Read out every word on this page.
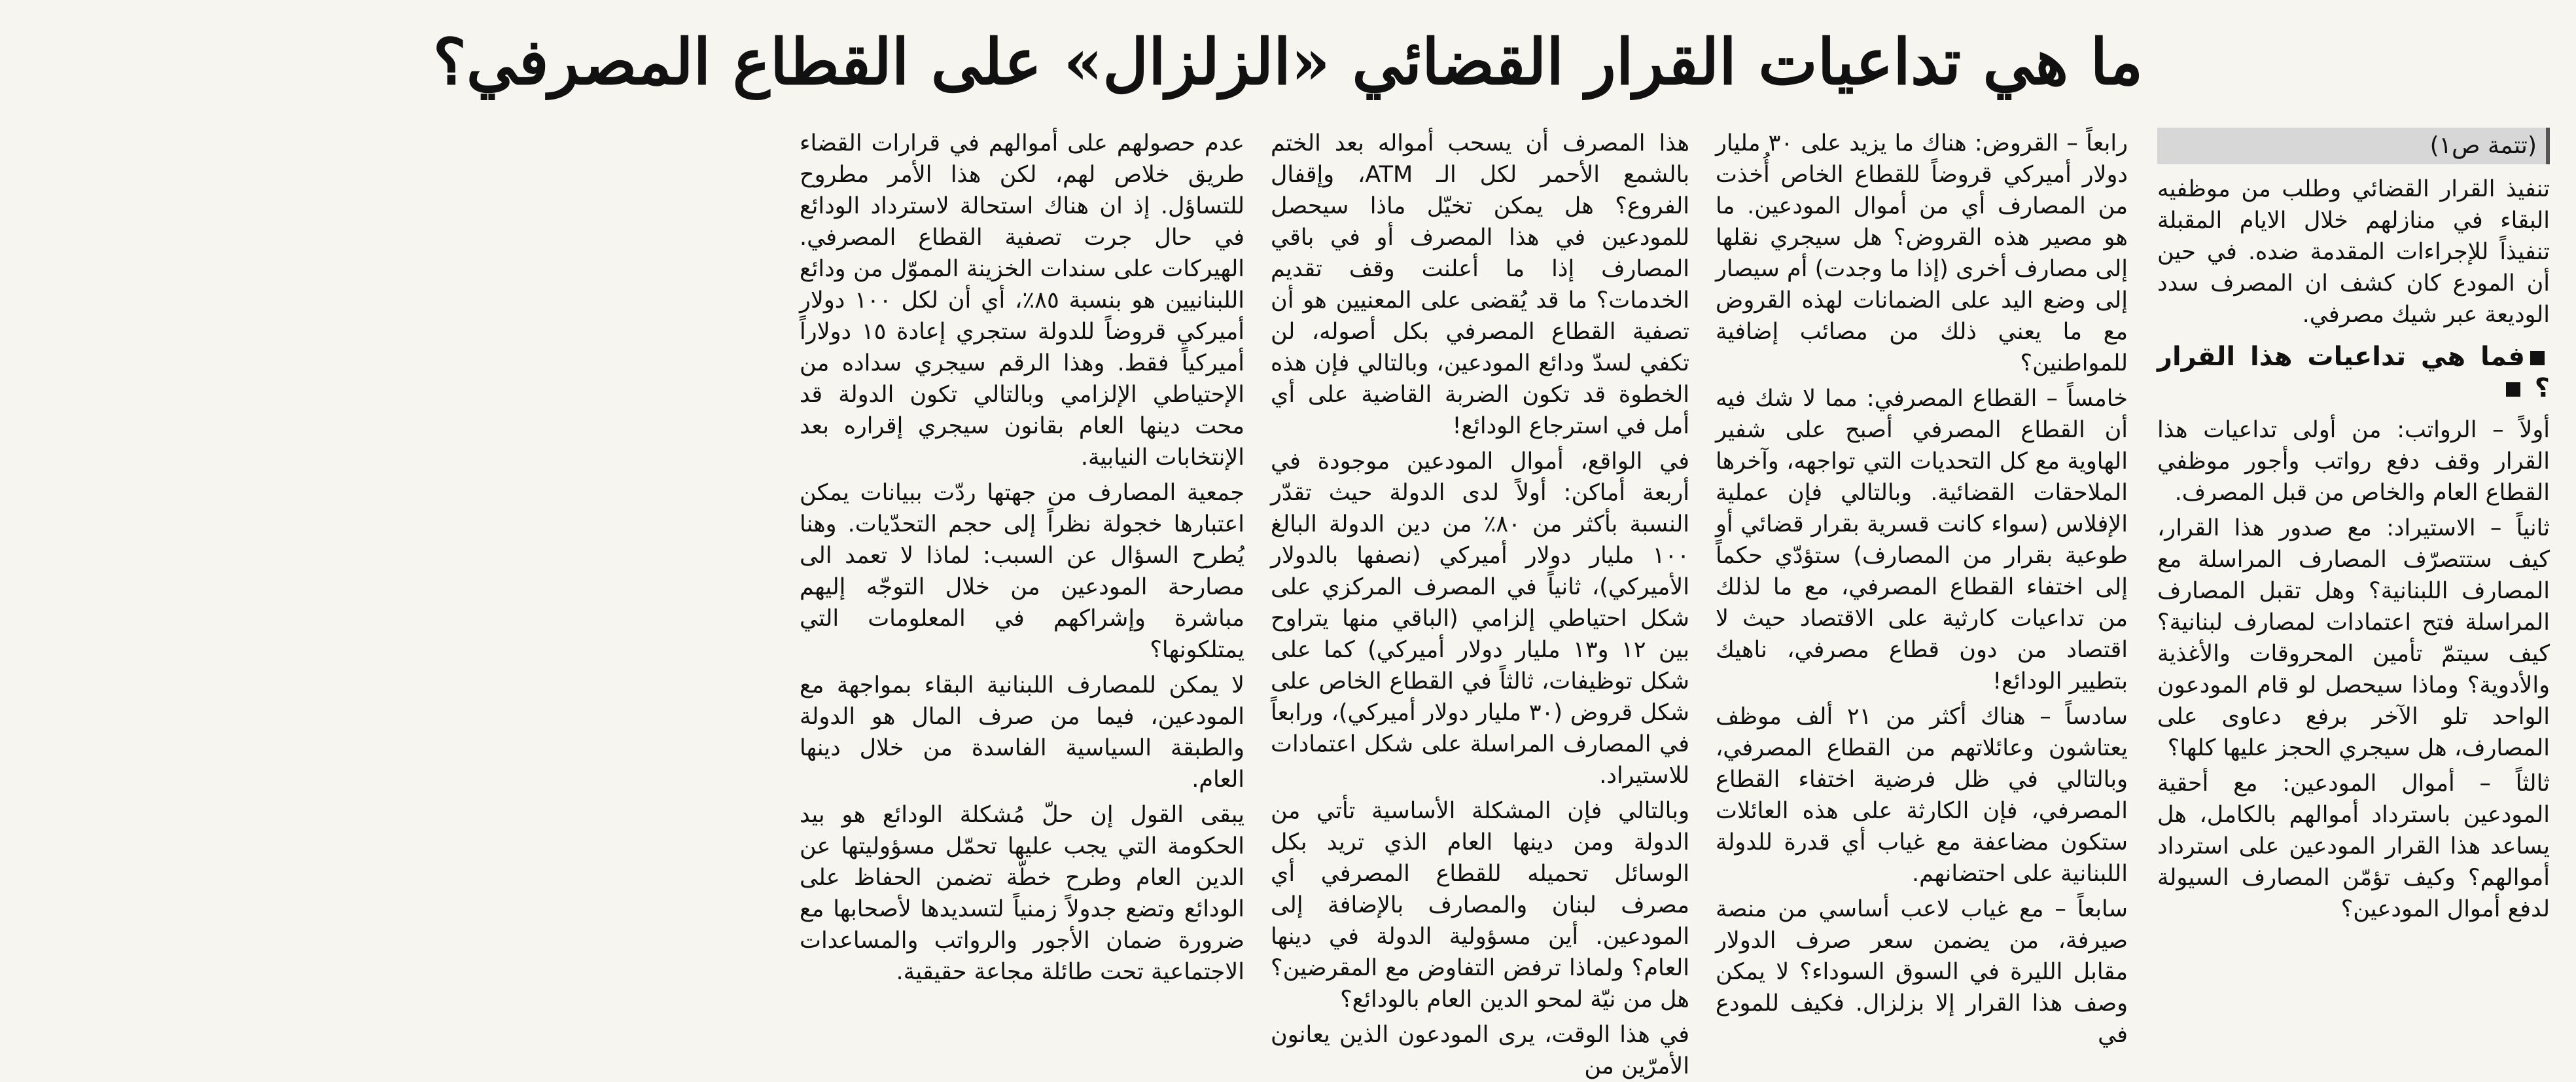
ما هي تداعيات القرار القضائي «الزلزال» على القطاع المصرفي؟
(تتمة ص١)

تنفيذ القرار القضائي وطلب من موظفيه البقاء في منازلهم خلال الايام المقبلة تنفيذاً للإجراءات المقدمة ضده. في حين أن المودع كان كشف ان المصرف سدد الوديعة عبر شيك مصرفي.

فما هي تداعيات هذا القرار ؟

أولاً – الرواتب: من أولى تداعيات هذا القرار وقف دفع رواتب وأجور موظفي القطاع العام والخاص من قبل المصرف.

ثانياً – الاستيراد: مع صدور هذا القرار، كيف ستتصرّف المصارف المراسلة مع المصارف اللبنانية؟ وهل تقبل المصارف المراسلة فتح اعتمادات لمصارف لبنانية؟ كيف سيتمّ تأمين المحروقات والأغذية والأدوية؟ وماذا سيحصل لو قام المودعون الواحد تلو الآخر برفع دعاوى على المصارف، هل سيجري الحجز عليها كلها؟

ثالثاً – أموال المودعين: مع أحقية المودعين باسترداد أموالهم بالكامل، هل يساعد هذا القرار المودعين على استرداد أموالهم؟ وكيف تؤمّن المصارف السيولة لدفع أموال المودعين؟

رابعاً – القروض: هناك ما يزيد على ٣٠ مليار دولار أميركي قروضاً للقطاع الخاص أُخذت من المصارف أي من أموال المودعين. ما هو مصير هذه القروض؟ هل سيجري نقلها إلى مصارف أخرى (إذا ما وجدت) أم سيصار إلى وضع اليد على الضمانات لهذه القروض مع ما يعني ذلك من مصائب إضافية للمواطنين؟

خامساً – القطاع المصرفي: مما لا شك فيه أن القطاع المصرفي أصبح على شفير الهاوية مع كل التحديات التي تواجهه، وآخرها الملاحقات القضائية. وبالتالي فإن عملية الإفلاس (سواء كانت قسرية بقرار قضائي أو طوعية بقرار من المصارف) ستؤدّي حكماً إلى اختفاء القطاع المصرفي، مع ما لذلك من تداعيات كارثية على الاقتصاد حيث لا اقتصاد من دون قطاع مصرفي، ناهيك بتطيير الودائع!

سادساً – هناك أكثر من ٢١ ألف موظف يعتاشون وعائلاتهم من القطاع المصرفي، وبالتالي في ظل فرضية اختفاء القطاع المصرفي، فإن الكارثة على هذه العائلات ستكون مضاعفة مع غياب أي قدرة للدولة اللبنانية على احتضانهم.

سابعاً – مع غياب لاعب أساسي من منصة صيرفة، من يضمن سعر صرف الدولار مقابل الليرة في السوق السوداء؟ لا يمكن وصف هذا القرار إلا بزلزال. فكيف للمودع في

هذا المصرف أن يسحب أمواله بعد الختم بالشمع الأحمر لكل الـ ATM، وإقفال الفروع؟ هل يمكن تخيّل ماذا سيحصل للمودعين في هذا المصرف أو في باقي المصارف إذا ما أعلنت وقف تقديم الخدمات؟ ما قد يُقضى على المعنيين هو أن تصفية القطاع المصرفي بكل أصوله، لن تكفي لسدّ ودائع المودعين، وبالتالي فإن هذه الخطوة قد تكون الضربة القاضية على أي أمل في استرجاع الودائع!

في الواقع، أموال المودعين موجودة في أربعة أماكن: أولاً لدى الدولة حيث تقدّر النسبة بأكثر من ٨٠٪ من دين الدولة البالغ ١٠٠ مليار دولار أميركي (نصفها بالدولار الأميركي)، ثانياً في المصرف المركزي على شكل احتياطي إلزامي (الباقي منها يتراوح بين ١٢ و١٣ مليار دولار أميركي) كما على شكل توظيفات، ثالثاً في القطاع الخاص على شكل قروض (٣٠ مليار دولار أميركي)، ورابعاً في المصارف المراسلة على شكل اعتمادات للاستيراد.

وبالتالي فإن المشكلة الأساسية تأتي من الدولة ومن دينها العام الذي تريد بكل الوسائل تحميله للقطاع المصرفي أي مصرف لبنان والمصارف بالإضافة إلى المودعين. أين مسؤولية الدولة في دينها العام؟ ولماذا ترفض التفاوض مع المقرضين؟ هل من نيّة لمحو الدين العام بالودائع؟

في هذا الوقت، يرى المودعون الذين يعانون الأمرّين من

عدم حصولهم على أموالهم في قرارات القضاء طريق خلاص لهم، لكن هذا الأمر مطروح للتساؤل. إذ ان هناك استحالة لاسترداد الودائع في حال جرت تصفية القطاع المصرفي. الهيركات على سندات الخزينة المموّل من ودائع اللبنانيين هو بنسبة ٨٥٪، أي أن لكل ١٠٠ دولار أميركي قروضاً للدولة ستجري إعادة ١٥ دولاراً أميركياً فقط. وهذا الرقم سيجري سداده من الإحتياطي الإلزامي وبالتالي تكون الدولة قد محت دينها العام بقانون سيجري إقراره بعد الإنتخابات النيابية.

جمعية المصارف من جهتها ردّت ببيانات يمكن اعتبارها خجولة نظراً إلى حجم التحدّيات. وهنا يُطرح السؤال عن السبب: لماذا لا تعمد الى مصارحة المودعين من خلال التوجّه إليهم مباشرة وإشراكهم في المعلومات التي يمتلكونها؟

لا يمكن للمصارف اللبنانية البقاء بمواجهة مع المودعين، فيما من صرف المال هو الدولة والطبقة السياسية الفاسدة من خلال دينها العام.

يبقى القول إن حلّ مُشكلة الودائع هو بيد الحكومة التي يجب عليها تحمّل مسؤوليتها عن الدين العام وطرح خطّة تضمن الحفاظ على الودائع وتضع جدولاً زمنياً لتسديدها لأصحابها مع ضرورة ضمان الأجور والرواتب والمساعدات الاجتماعية تحت طائلة مجاعة حقيقية.
